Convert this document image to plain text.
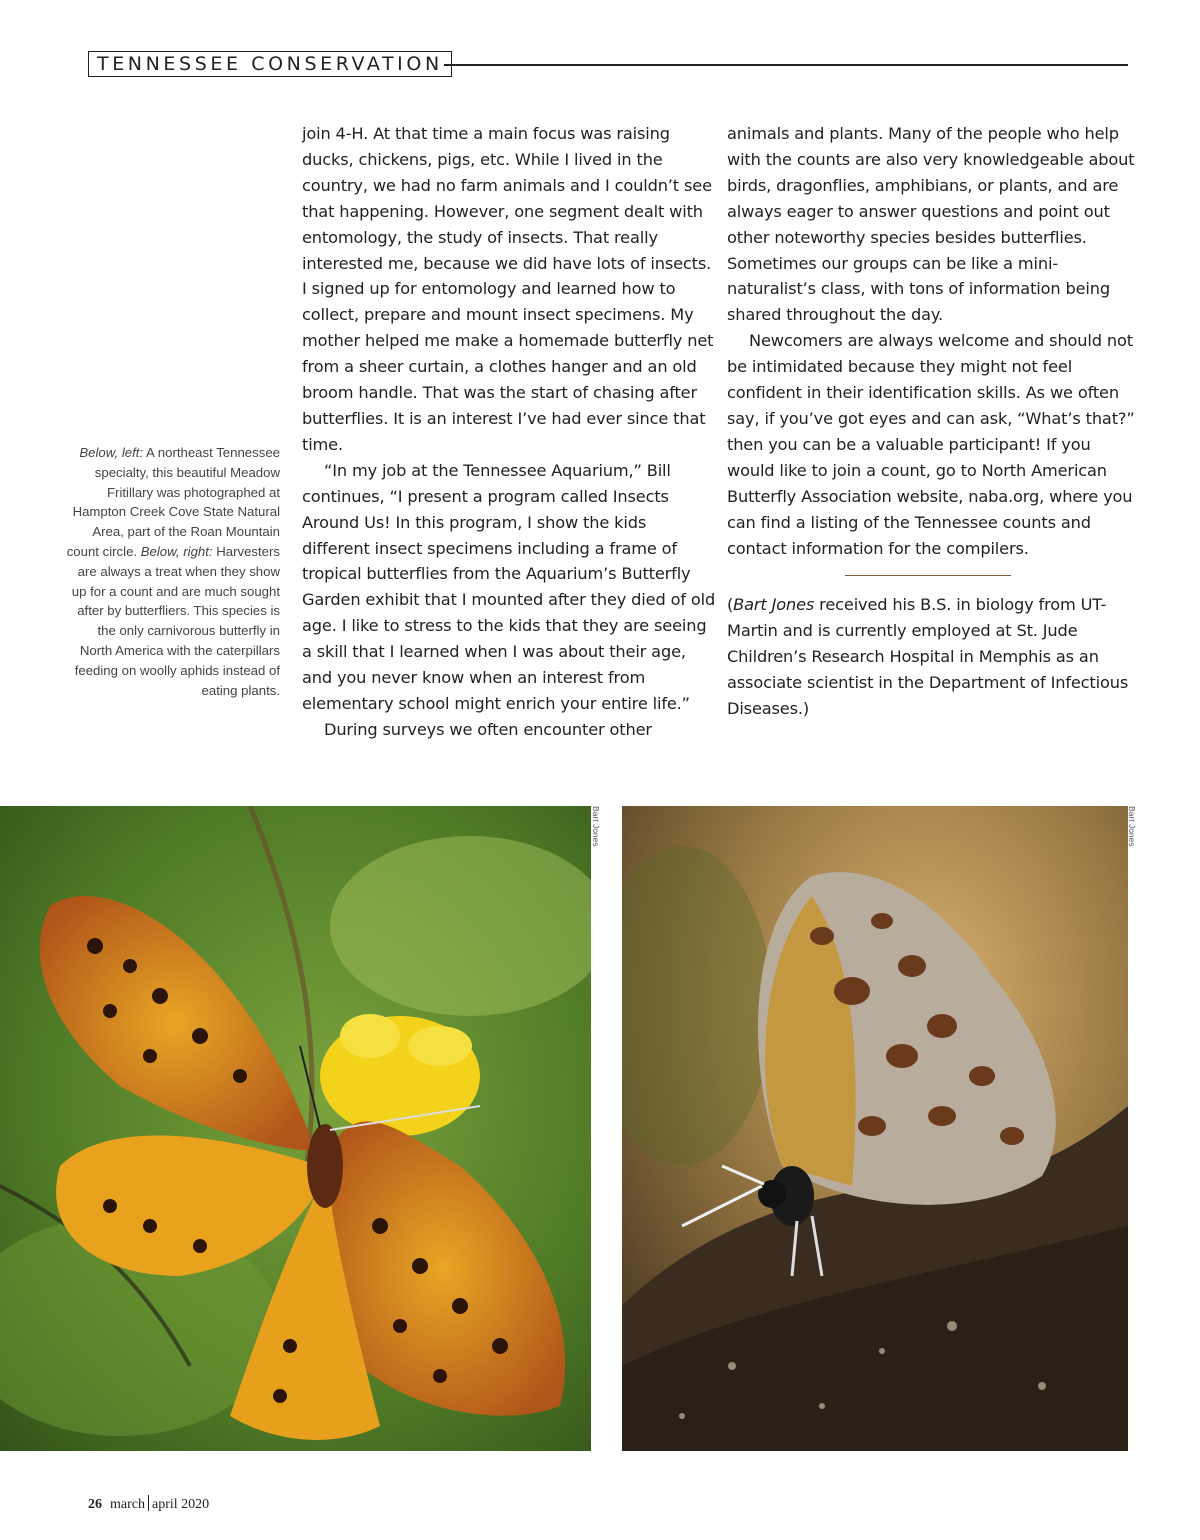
TENNESSEE CONSERVATION
Below, left: A northeast Tennessee specialty, this beautiful Meadow Fritillary was photographed at Hampton Creek Cove State Natural Area, part of the Roan Mountain count circle. Below, right: Harvesters are always a treat when they show up for a count and are much sought after by butterfliers. This species is the only carnivorous butterfly in North America with the caterpillars feeding on woolly aphids instead of eating plants.

join 4-H. At that time a main focus was raising ducks, chickens, pigs, etc. While I lived in the country, we had no farm animals and I couldn’t see that happening. However, one segment dealt with entomology, the study of insects. That really interested me, because we did have lots of insects. I signed up for entomology and learned how to collect, prepare and mount insect specimens. My mother helped me make a homemade butterfly net from a sheer curtain, a clothes hanger and an old broom handle. That was the start of chasing after butterflies. It is an interest I’ve had ever since that time.

“In my job at the Tennessee Aquarium,” Bill continues, “I present a program called Insects Around Us! In this program, I show the kids different insect specimens including a frame of tropical butterflies from the Aquarium’s Butterfly Garden exhibit that I mounted after they died of old age. I like to stress to the kids that they are seeing a skill that I learned when I was about their age, and you never know when an interest from elementary school might enrich your entire life.”

During surveys we often encounter other

animals and plants. Many of the people who help with the counts are also very knowledgeable about birds, dragonflies, amphibians, or plants, and are always eager to answer questions and point out other noteworthy species besides butterflies. Sometimes our groups can be like a mini-naturalist’s class, with tons of information being shared throughout the day.

Newcomers are always welcome and should not be intimidated because they might not feel confident in their identification skills. As we often say, if you’ve got eyes and can ask, “What’s that?” then you can be a valuable participant! If you would like to join a count, go to North American Butterfly Association website, naba.org, where you can find a listing of the Tennessee counts and contact information for the compilers.

(Bart Jones received his B.S. in biology from UT-Martin and is currently employed at St. Jude Children’s Research Hospital in Memphis as an associate scientist in the Department of Infectious Diseases.)

Bart Jones	Bart Jones
26 march april 2020
